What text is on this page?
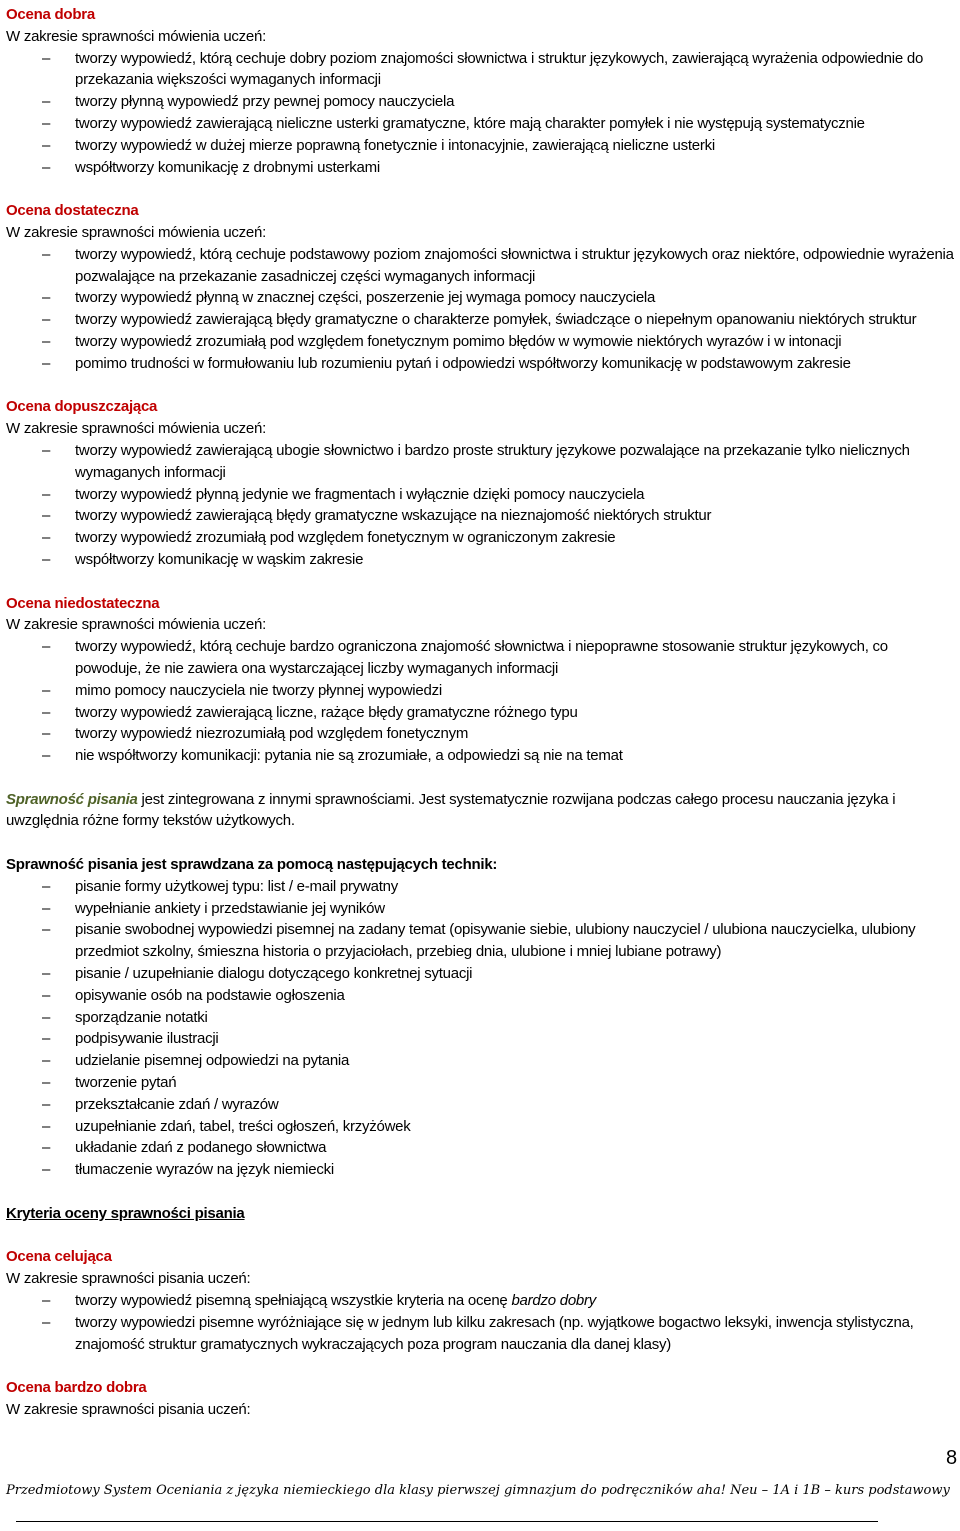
Ocena dobra
W zakresie sprawności mówienia uczeń:
– tworzy wypowiedź, którą cechuje dobry poziom znajomości słownictwa i struktur językowych, zawierającą wyrażenia odpowiednie do przekazania większości wymaganych informacji
– tworzy płynną wypowiedź przy pewnej pomocy nauczyciela
– tworzy wypowiedź zawierającą nieliczne usterki gramatyczne, które mają charakter pomyłek i nie występują systematycznie
– tworzy wypowiedź w dużej mierze poprawną fonetycznie i intonacyjnie, zawierającą nieliczne usterki
– współtworzy komunikację z drobnymi usterkami
Ocena dostateczna
W zakresie sprawności mówienia uczeń:
– tworzy wypowiedź, którą cechuje podstawowy poziom znajomości słownictwa i struktur językowych oraz niektóre, odpowiednie wyrażenia pozwalające na przekazanie zasadniczej części wymaganych informacji
– tworzy wypowiedź płynną w znacznej części, poszerzenie jej wymaga pomocy nauczyciela
– tworzy wypowiedź zawierającą błędy gramatyczne o charakterze pomyłek, świadczące o niepełnym opanowaniu niektórych struktur
– tworzy wypowiedź zrozumiałą pod względem fonetycznym pomimo błędów w wymowie niektórych wyrazów i w intonacji
– pomimo trudności w formułowaniu lub rozumieniu pytań i odpowiedzi współtworzy komunikację w podstawowym zakresie
Ocena dopuszczająca
W zakresie sprawności mówienia uczeń:
– tworzy wypowiedź zawierającą ubogie słownictwo i bardzo proste struktury językowe pozwalające na przekazanie tylko nielicznych wymaganych informacji
– tworzy wypowiedź płynną jedynie we fragmentach i wyłącznie dzięki pomocy nauczyciela
– tworzy wypowiedź zawierającą błędy gramatyczne wskazujące na nieznajomość niektórych struktur
– tworzy wypowiedź zrozumiałą pod względem fonetycznym w ograniczonym zakresie
– współtworzy komunikację w wąskim zakresie
Ocena niedostateczna
W zakresie sprawności mówienia uczeń:
– tworzy wypowiedź, którą cechuje bardzo ograniczona znajomość słownictwa i niepoprawne stosowanie struktur językowych, co powoduje, że nie zawiera ona wystarczającej liczby wymaganych informacji
– mimo pomocy nauczyciela nie tworzy płynnej wypowiedzi
– tworzy wypowiedź zawierającą liczne, rażące błędy gramatyczne różnego typu
– tworzy wypowiedź niezrozumiałą pod względem fonetycznym
– nie współtworzy komunikacji: pytania nie są zrozumiałe, a odpowiedzi są nie na temat

Sprawność pisania jest zintegrowana z innymi sprawnościami. Jest systematycznie rozwijana podczas całego procesu nauczania języka i uwzględnia różne formy tekstów użytkowych.

Sprawność pisania jest sprawdzana za pomocą następujących technik:
– pisanie formy użytkowej typu: list / e-mail prywatny
– wypełnianie ankiety i przedstawianie jej wyników
– pisanie swobodnej wypowiedzi pisemnej na zadany temat (opisywanie siebie, ulubiony nauczyciel / ulubiona nauczycielka, ulubiony przedmiot szkolny, śmieszna historia o przyjaciołach, przebieg dnia, ulubione i mniej lubiane potrawy)
– pisanie / uzupełnianie dialogu dotyczącego konkretnej sytuacji
– opisywanie osób na podstawie ogłoszenia
– sporządzanie notatki
– podpisywanie ilustracji
– udzielanie pisemnej odpowiedzi na pytania
– tworzenie pytań
– przekształcanie zdań / wyrazów
– uzupełnianie zdań, tabel, treści ogłoszeń, krzyżówek
– układanie zdań z podanego słownictwa
– tłumaczenie wyrazów na język niemiecki
Kryteria oceny sprawności pisania
Ocena celująca
W zakresie sprawności pisania uczeń:
– tworzy wypowiedź pisemną spełniającą wszystkie kryteria na ocenę bardzo dobry
– tworzy wypowiedzi pisemne wyróżniające się w jednym lub kilku zakresach (np. wyjątkowe bogactwo leksyki, inwencja stylistyczna, znajomość struktur gramatycznych wykraczających poza program nauczania dla danej klasy)
Ocena bardzo dobra
W zakresie sprawności pisania uczeń:
8
Przedmiotowy System Oceniania z języka niemieckiego dla klasy pierwszej gimnazjum do podręczników aha! Neu – 1A i 1B – kurs podstawowy
